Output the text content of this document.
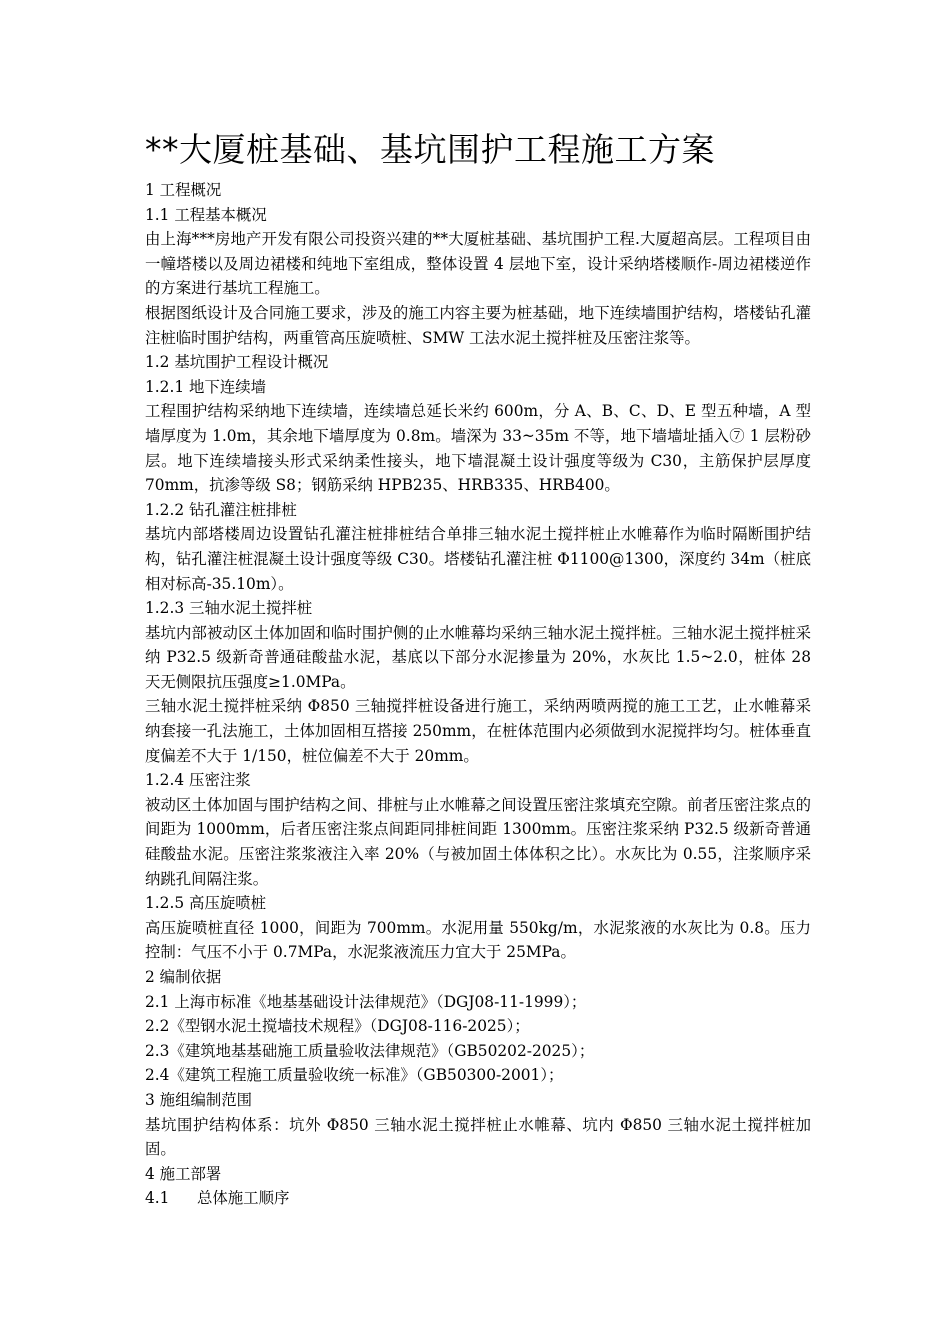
**大厦桩基础、基坑围护工程施工方案
1 工程概况
1.1 工程基本概况

由上海***房地产开发有限公司投资兴建的**大厦桩基础、基坑围护工程.大厦超高层。工程项目由一幢塔楼以及周边裙楼和纯地下室组成，整体设置 4 层地下室，设计采纳塔楼顺作-周边裙楼逆作的方案进行基坑工程施工。

根据图纸设计及合同施工要求，涉及的施工内容主要为桩基础，地下连续墙围护结构，塔楼钻孔灌注桩临时围护结构，两重管高压旋喷桩、SMW 工法水泥土搅拌桩及压密注浆等。

1.2 基坑围护工程设计概况
1.2.1 地下连续墙

工程围护结构采纳地下连续墙，连续墙总延长米约 600m，分 A、B、C、D、E 型五种墙，A 型墙厚度为 1.0m，其余地下墙厚度为 0.8m。墙深为 33~35m 不等，地下墙墙址插入⑦ 1 层粉砂层。地下连续墙接头形式采纳柔性接头，地下墙混凝土设计强度等级为 C30，主筋保护层厚度 70mm，抗渗等级 S8；钢筋采纳 HPB235、HRB335、HRB400。

1.2.2 钻孔灌注桩排桩

基坑内部塔楼周边设置钻孔灌注桩排桩结合单排三轴水泥土搅拌桩止水帷幕作为临时隔断围护结构，钻孔灌注桩混凝土设计强度等级 C30。塔楼钻孔灌注桩 Φ1100@1300，深度约 34m（桩底相对标高-35.10m）。

1.2.3 三轴水泥土搅拌桩

基坑内部被动区土体加固和临时围护侧的止水帷幕均采纳三轴水泥土搅拌桩。三轴水泥土搅拌桩采纳 P32.5 级新奇普通硅酸盐水泥，基底以下部分水泥掺量为 20%，水灰比 1.5~2.0，桩体 28 天无侧限抗压强度≥1.0MPa。

三轴水泥土搅拌桩采纳 Φ850 三轴搅拌桩设备进行施工，采纳两喷两搅的施工工艺，止水帷幕采纳套接一孔法施工，土体加固相互搭接 250mm，在桩体范围内必须做到水泥搅拌均匀。桩体垂直度偏差不大于 1/150，桩位偏差不大于 20mm。

1.2.4 压密注浆

被动区土体加固与围护结构之间、排桩与止水帷幕之间设置压密注浆填充空隙。前者压密注浆点的间距为 1000mm，后者压密注浆点间距同排桩间距 1300mm。压密注浆采纳 P32.5 级新奇普通硅酸盐水泥。压密注浆浆液注入率 20%（与被加固土体体积之比）。水灰比为 0.55，注浆顺序采纳跳孔间隔注浆。

1.2.5 高压旋喷桩

高压旋喷桩直径 1000，间距为 700mm。水泥用量 550kg/m，水泥浆液的水灰比为 0.8。压力控制：气压不小于 0.7MPa，水泥浆液流压力宜大于 25MPa。

2 编制依据
2.1 上海市标准《地基基础设计法律规范》（DGJ08-11-1999）；
2.2《型钢水泥土搅墙技术规程》（DGJ08-116-2025）；
2.3《建筑地基基础施工质量验收法律规范》（GB50202-2025）；
2.4《建筑工程施工质量验收统一标准》（GB50300-2001）；
3 施组编制范围

基坑围护结构体系：坑外 Φ850 三轴水泥土搅拌桩止水帷幕、坑内 Φ850 三轴水泥土搅拌桩加固。

4 施工部署
4.1	总体施工顺序
